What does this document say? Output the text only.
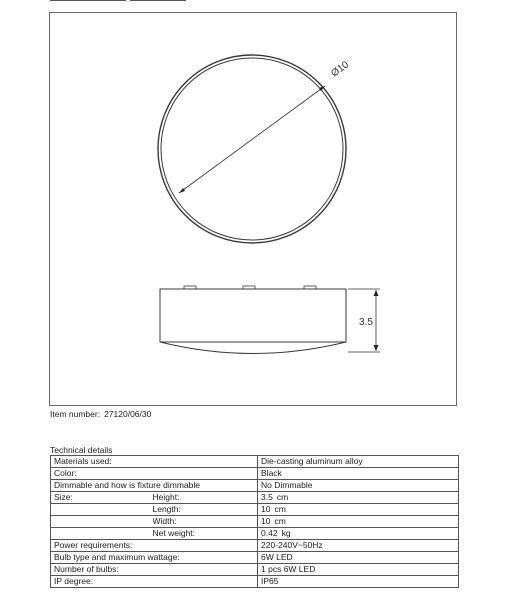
Ø10
3.5
Item number: 27120/06/30
Technical details
Materials used:		Die-casting aluminum alloy
Color:		Black
Dimmable and how is fixture dimmable		No Dimmable
Size:	Height:	3.5 cm
	Length:	10 cm
	Width:	10 cm
	Net weight:	0.42 kg
Power requirements:		220-240V~50Hz
Bulb type and maximum wattage:		6W LED
Number of bulbs:		1 pcs 6W LED
IP degree:		IP65
